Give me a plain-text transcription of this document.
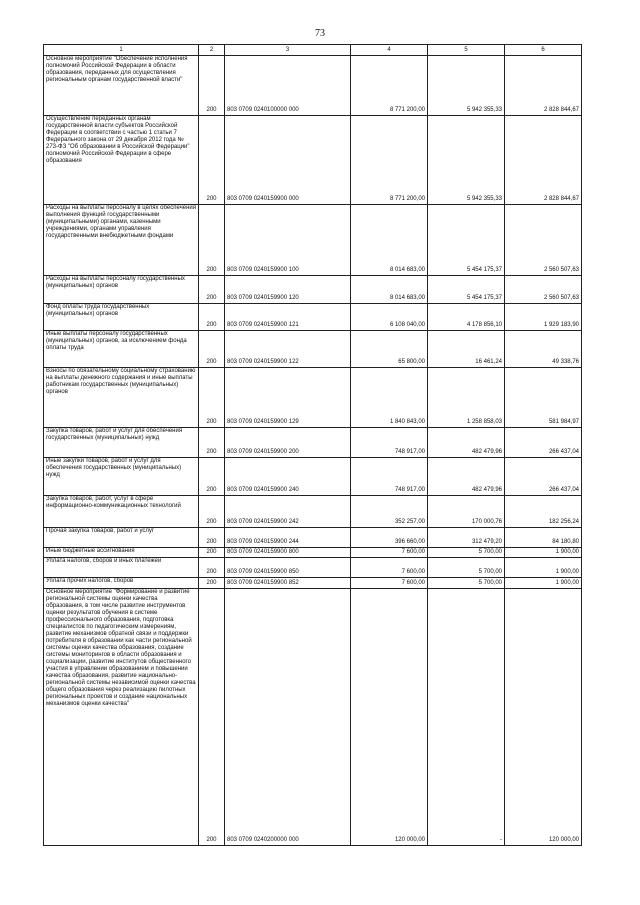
73
1	2	3	4	5	6
Основное мероприятие "Обеспечение исполнения полномочий Российской Федерации в области образования, переданных для осуществления региональным органам государственной власти"	200	803 0709 0240100000 000	8 771 200,00	5 942 355,33	2 828 844,67
Осуществление переданных органам государственной власти субъектов Российской Федерации в соответствии с частью 1 статьи 7 Федерального закона от 29 декабря 2012 года № 273-ФЗ "Об образовании в Российской Федерации" полномочий Российской Федерации в сфере образования	200	803 0709 0240159900 000	8 771 200,00	5 942 355,33	2 828 844,67
Расходы на выплаты персоналу в целях обеспечения выполнения функций государственными (муниципальными) органами, казенными учреждениями, органами управления государственными внебюджетными фондами	200	803 0709 0240159900 100	8 014 683,00	5 454 175,37	2 560 507,63
Расходы на выплаты персоналу государственных (муниципальных) органов	200	803 0709 0240159900 120	8 014 683,00	5 454 175,37	2 560 507,63
Фонд оплаты труда государственных (муниципальных) органов	200	803 0709 0240159900 121	6 108 040,00	4 178 856,10	1 929 183,90
Иные выплаты персоналу государственных (муниципальных) органов, за исключением фонда оплаты труда	200	803 0709 0240159900 122	65 800,00	16 461,24	49 338,76
Взносы по обязательному социальному страхованию на выплаты денежного содержания и иные выплаты работникам государственных (муниципальных) органов	200	803 0709 0240159900 129	1 840 843,00	1 258 858,03	581 984,97
Закупка товаров, работ и услуг для обеспечения государственных (муниципальных) нужд	200	803 0709 0240159900 200	748 917,00	482 479,96	266 437,04
Иные закупки товаров, работ и услуг для обеспечения государственных (муниципальных) нужд	200	803 0709 0240159900 240	748 917,00	482 479,96	266 437,04
Закупка товаров, работ, услуг в сфере информационно-коммуникационных технологий	200	803 0709 0240159900 242	352 257,00	170 000,76	182 256,24
Прочая закупка товаров, работ и услуг	200	803 0709 0240159900 244	396 660,00	312 479,20	84 180,80
Иные бюджетные ассигнования	200	803 0709 0240159900 800	7 600,00	5 700,00	1 900,00
Уплата налогов, сборов и иных платежей	200	803 0709 0240159900 850	7 600,00	5 700,00	1 900,00
Уплата прочих налогов, сборов	200	803 0709 0240159900 852	7 600,00	5 700,00	1 900,00
Основное мероприятие "Формирование и развитие региональной системы оценки качества образования, в том числе развитие инструментов оценки результатов обучения в системе профессионального образования, подготовка специалистов по педагогическим измерениям, развитие механизмов обратной связи и поддержки потребителя в образовании как части региональной системы оценки качества образования, создание системы мониторингов в области образования и социализации, развитие институтов общественного участия в управлении образованием и повышении качества образования, развитие национально-региональной системы независимой оценки качества общего образования через реализацию пилотных региональных проектов и создание национальных механизмов оценки качества"	200	803 0709 0240200000 000	120 000,00	-	120 000,00
